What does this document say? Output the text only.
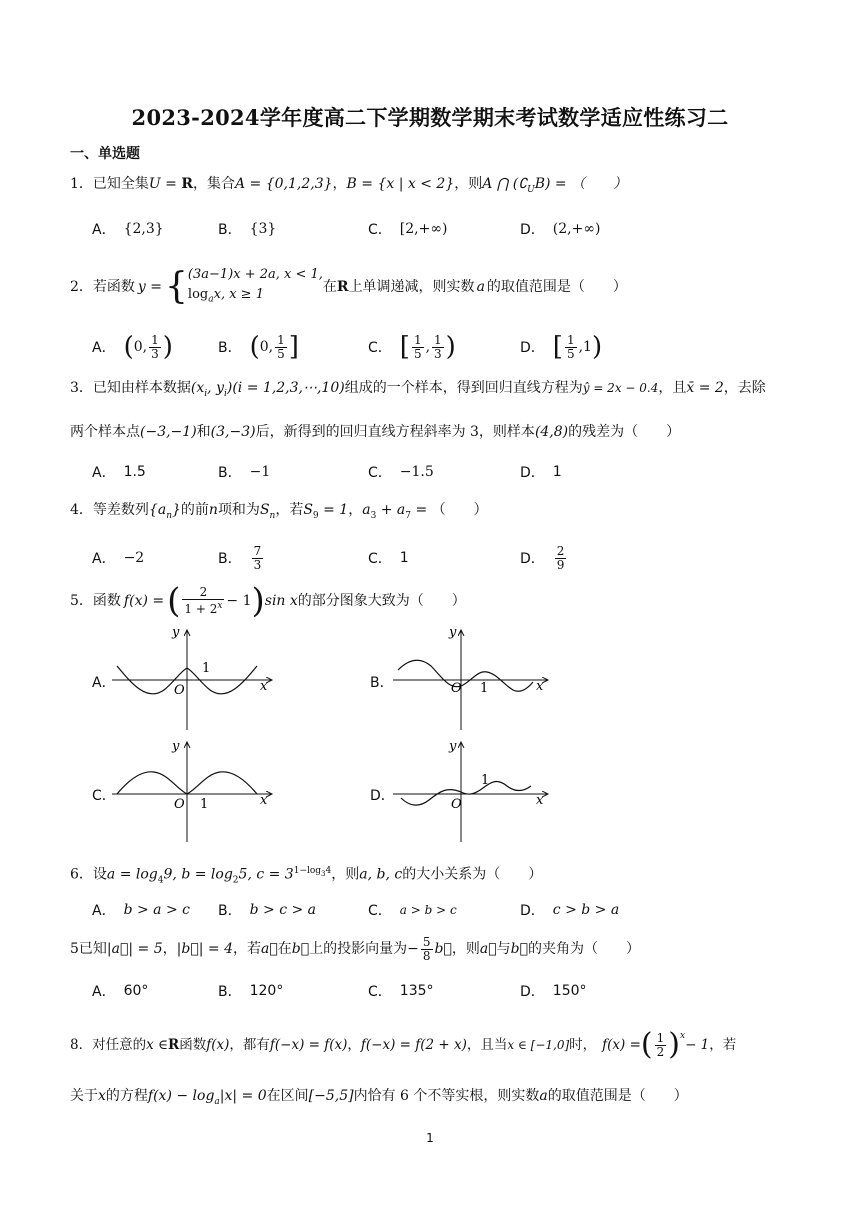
2023-2024学年度高二下学期数学期末考试数学适应性练习二
一、单选题
1．已知全集U = R，集合A = {0,1,2,3}，B = {x | x < 2}，则A ⋂ $(∁_UB)$ = （　　）
A． {2,3}	B． {3}	C． [2,+∞)	D． (2,+∞)
2． 若函数 y = { (3a−1)x + 2a, x < 1,
$\log_ax$, x ≥ 1	在 R 上单调递减，则实数 a 的取值范围是（　　）
A． ( 0, $\frac{1}{3}$ )	B． ( 0, $\frac{1}{5}$ ]	C． [ $\frac{1}{5}$ , $\frac{1}{3}$ )	D． [ $\frac{1}{5} ,1$ )
3．已知由样本数据($x_i$, $y_i)(i$ = 1,2,3,⋯,10)组成的一个样本，得到回归直线方程为ŷ = 2x − 0.4，且x̄ = 2，去除
两个样本点(−3,−1)和(3,−3)后，新得到的回归直线方程斜率为 3，则样本(4,8)的残差为（　　）
A． 1.5	B． −1	C． −1.5	D． 1
4．等差数列$\{a_n\}$的前n项和为$S_n$，若$S_9 = 1$，$a_3 + a_7$ = （　　）
A． −2	B． $\frac{7}{3}$	C． 1	D． $\frac{2}{9}$
5． 函数 f(x) = ( $\frac{2}{1 + 2^x} - 1$ ) sin x 的部分图象大致为（　　）
A．
y
x
O
1
B．
y
x
O 1
C．
y
x
O 1
D．
y
x
O
1
6．设$a = \log_49$, $b = \log_25$, $c = 3^{1-log_34}$，则a, b, c的大小关系为（　　）
A． b > a > c B． b > c > a	C． a > b > c	D． c > b > a
5 已知 |a⃗| = 5 ， |b⃗| = 4 ，若 a⃗ 在 b⃗ 上的投影向量为 − $\frac{5}{8}$ b⃗ ，则 a⃗ 与 b⃗ 的夹角为（　　）
A． 60°	B． 120°	C． 135°	D． 150°
8． 对任意的 x ∈ R 函数 f(x) ，都有 f(−x) = f(x) ， f(−x) = f(2 + x) ，且当 x ∈ [−1,0] 时， f(x) = ( $\frac{1}{2} )^x$
− 1 ，若
关于x的方程$f(x) - \log_a|x| = 0$在区间[−5,5]内恰有 6 个不等实根，则实数a的取值范围是（　　）
1
